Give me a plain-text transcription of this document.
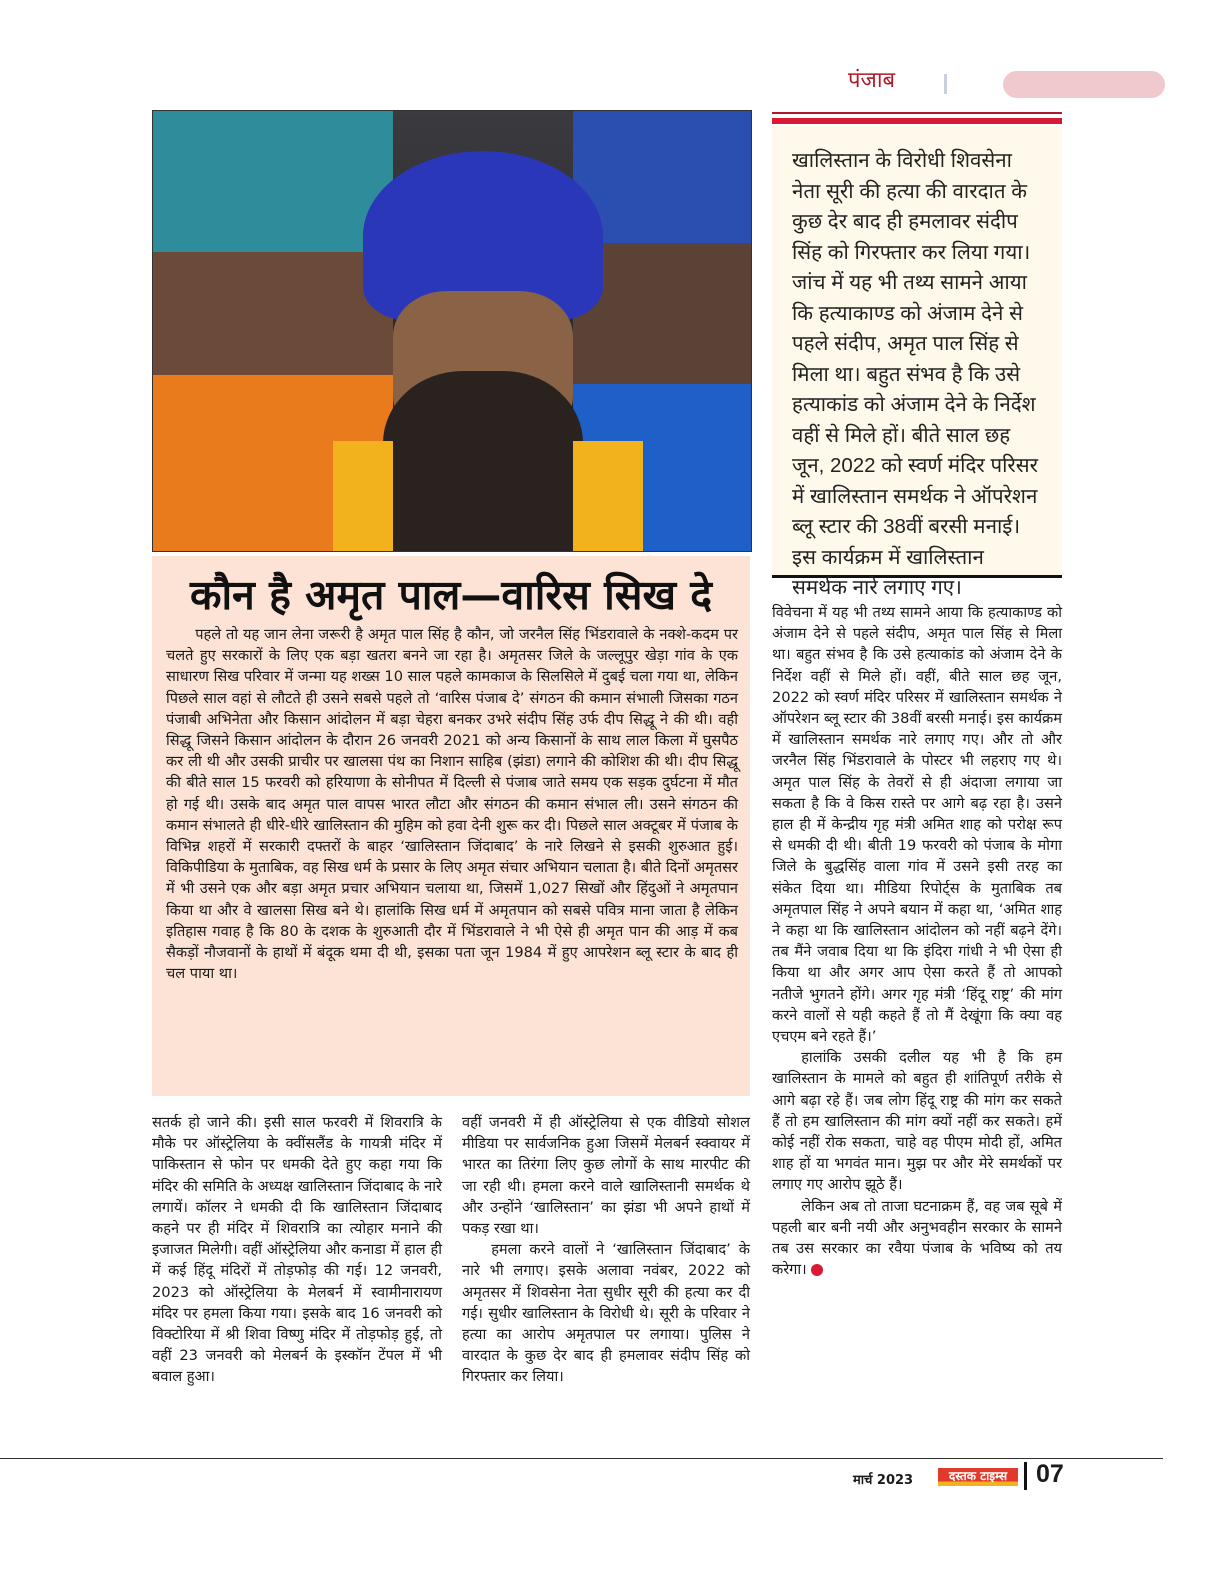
पंजाब
खालिस्तान के विरोधी शिवसेना नेता सूरी की हत्या की वारदात के कुछ देर बाद ही हमलावर संदीप सिंह को गिरफ्तार कर लिया गया। जांच में यह भी तथ्य सामने आया कि हत्याकाण्ड को अंजाम देने से पहले संदीप, अमृत पाल सिंह से मिला था। बहुत संभव है कि उसे हत्याकांड को अंजाम देने के निर्देश वहीं से मिले हों। बीते साल छह जून, 2022 को स्वर्ण मंदिर परिसर में खालिस्तान समर्थक ने ऑपरेशन ब्लू स्टार की 38वीं बरसी मनाई। इस कार्यक्रम में खालिस्तान समर्थक नारे लगाए गए।
कौन है अमृत पाल—वारिस सिख दे

पहले तो यह जान लेना जरूरी है अमृत पाल सिंह है कौन, जो जरनैल सिंह भिंडरावाले के नक्शे-कदम पर चलते हुए सरकारों के लिए एक बड़ा खतरा बनने जा रहा है। अमृतसर जिले के जल्लूपुर खेड़ा गांव के एक साधारण सिख परिवार में जन्मा यह शख्स 10 साल पहले कामकाज के सिलसिले में दुबई चला गया था, लेकिन पिछले साल वहां से लौटते ही उसने सबसे पहले तो ‘वारिस पंजाब दे’ संगठन की कमान संभाली जिसका गठन पंजाबी अभिनेता और किसान आंदोलन में बड़ा चेहरा बनकर उभरे संदीप सिंह उर्फ दीप सिद्धू ने की थी। वही सिद्धू जिसने किसान आंदोलन के दौरान 26 जनवरी 2021 को अन्य किसानों के साथ लाल किला में घुसपैठ कर ली थी और उसकी प्राचीर पर खालसा पंथ का निशान साहिब (झंडा) लगाने की कोशिश की थी। दीप सिद्धू की बीते साल 15 फरवरी को हरियाणा के सोनीपत में दिल्ली से पंजाब जाते समय एक सड़क दुर्घटना में मौत हो गई थी। उसके बाद अमृत पाल वापस भारत लौटा और संगठन की कमान संभाल ली। उसने संगठन की कमान संभालते ही धीरे-धीरे खालिस्तान की मुहिम को हवा देनी शुरू कर दी। पिछले साल अक्टूबर में पंजाब के विभिन्न शहरों में सरकारी दफ्तरों के बाहर ‘खालिस्तान जिंदाबाद’ के नारे लिखने से इसकी शुरुआत हुई। विकिपीडिया के मुताबिक, वह सिख धर्म के प्रसार के लिए अमृत संचार अभियान चलाता है। बीते दिनों अमृतसर में भी उसने एक और बड़ा अमृत प्रचार अभियान चलाया था, जिसमें 1,027 सिखों और हिंदुओं ने अमृतपान किया था और वे खालसा सिख बने थे। हालांकि सिख धर्म में अमृतपान को सबसे पवित्र माना जाता है लेकिन इतिहास गवाह है कि 80 के दशक के शुरुआती दौर में भिंडरावाले ने भी ऐसे ही अमृत पान की आड़ में कब सैकड़ों नौजवानों के हाथों में बंदूक थमा दी थी, इसका पता जून 1984 में हुए आपरेशन ब्लू स्टार के बाद ही चल पाया था।

सतर्क हो जाने की। इसी साल फरवरी में शिवरात्रि के मौके पर ऑस्ट्रेलिया के क्वींसलैंड के गायत्री मंदिर में पाकिस्तान से फोन पर धमकी देते हुए कहा गया कि मंदिर की समिति के अध्यक्ष खालिस्तान जिंदाबाद के नारे लगायें। कॉलर ने धमकी दी कि खालिस्तान जिंदाबाद कहने पर ही मंदिर में शिवरात्रि का त्योहार मनाने की इजाजत मिलेगी। वहीं ऑस्ट्रेलिया और कनाडा में हाल ही में कई हिंदू मंदिरों में तोड़फोड़ की गई। 12 जनवरी, 2023 को ऑस्ट्रेलिया के मेलबर्न में स्वामीनारायण मंदिर पर हमला किया गया। इसके बाद 16 जनवरी को विक्टोरिया में श्री शिवा विष्णु मंदिर में तोड़फोड़ हुई, तो वहीं 23 जनवरी को मेलबर्न के इस्कॉन टेंपल में भी बवाल हुआ।

वहीं जनवरी में ही ऑस्ट्रेलिया से एक वीडियो सोशल मीडिया पर सार्वजनिक हुआ जिसमें मेलबर्न स्क्वायर में भारत का तिरंगा लिए कुछ लोगों के साथ मारपीट की जा रही थी। हमला करने वाले खालिस्तानी समर्थक थे और उन्होंने ‘खालिस्तान’ का झंडा भी अपने हाथों में पकड़ रखा था।

हमला करने वालों ने ‘खालिस्तान जिंदाबाद’ के नारे भी लगाए। इसके अलावा नवंबर, 2022 को अमृतसर में शिवसेना नेता सुधीर सूरी की हत्या कर दी गई। सुधीर खालिस्तान के विरोधी थे। सूरी के परिवार ने हत्या का आरोप अमृतपाल पर लगाया। पुलिस ने वारदात के कुछ देर बाद ही हमलावर संदीप सिंह को गिरफ्तार कर लिया।

विवेचना में यह भी तथ्य सामने आया कि हत्याकाण्ड को अंजाम देने से पहले संदीप, अमृत पाल सिंह से मिला था। बहुत संभव है कि उसे हत्याकांड को अंजाम देने के निर्देश वहीं से मिले हों। वहीं, बीते साल छह जून, 2022 को स्वर्ण मंदिर परिसर में खालिस्तान समर्थक ने ऑपरेशन ब्लू स्टार की 38वीं बरसी मनाई। इस कार्यक्रम में खालिस्तान समर्थक नारे लगाए गए। और तो और जरनैल सिंह भिंडरावाले के पोस्टर भी लहराए गए थे। अमृत पाल सिंह के तेवरों से ही अंदाजा लगाया जा सकता है कि वे किस रास्ते पर आगे बढ़ रहा है। उसने हाल ही में केन्द्रीय गृह मंत्री अमित शाह को परोक्ष रूप से धमकी दी थी। बीती 19 फरवरी को पंजाब के मोगा जिले के बुद्धसिंह वाला गांव में उसने इसी तरह का संकेत दिया था। मीडिया रिपोर्ट्स के मुताबिक तब अमृतपाल सिंह ने अपने बयान में कहा था, ‘अमित शाह ने कहा था कि खालिस्तान आंदोलन को नहीं बढ़ने देंगे। तब मैंने जवाब दिया था कि इंदिरा गांधी ने भी ऐसा ही किया था और अगर आप ऐसा करते हैं तो आपको नतीजे भुगतने होंगे। अगर गृह मंत्री ‘हिंदू राष्ट्र’ की मांग करने वालों से यही कहते हैं तो मैं देखूंगा कि क्या वह एचएम बने रहते हैं।’

हालांकि उसकी दलील यह भी है कि हम खालिस्तान के मामले को बहुत ही शांतिपूर्ण तरीके से आगे बढ़ा रहे हैं। जब लोग हिंदू राष्ट्र की मांग कर सकते हैं तो हम खालिस्तान की मांग क्यों नहीं कर सकते। हमें कोई नहीं रोक सकता, चाहे वह पीएम मोदी हों, अमित शाह हों या भगवंत मान। मुझ पर और मेरे समर्थकों पर लगाए गए आरोप झूठे हैं।

लेकिन अब तो ताजा घटनाक्रम हैं, वह जब सूबे में पहली बार बनी नयी और अनुभवहीन सरकार के सामने तब उस सरकार का रवैया पंजाब के भविष्य को तय करेगा।

मार्च 2023	दस्तक टाइम्स	07
